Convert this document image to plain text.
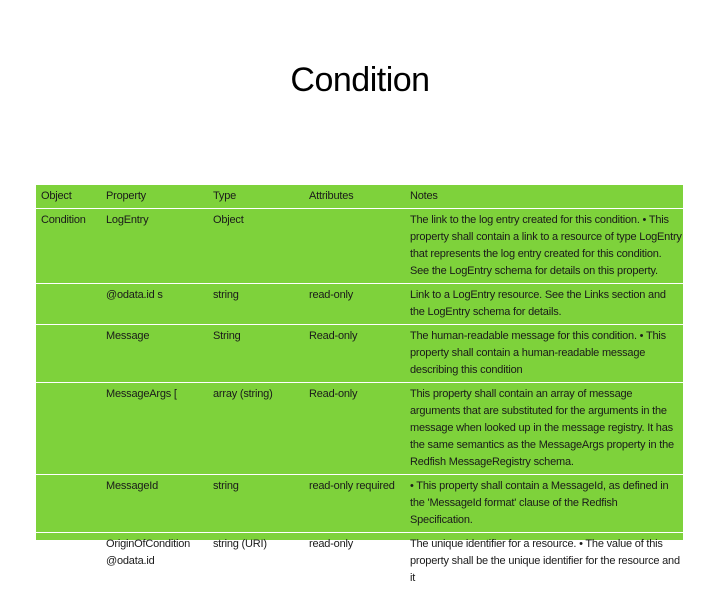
Condition
Object	Property	Type	Attributes	Notes
Condition	LogEntry	Object		The link to the log entry created for this condition. • This property shall contain a link to a resource of type LogEntry that represents the log entry created for this condition. See the LogEntry schema for details on this property.
	@odata.id s	string	read-only	Link to a LogEntry resource. See the Links section and the LogEntry schema for details.
	Message	String	Read-only	The human-readable message for this condition. • This property shall contain a human-readable message describing this condition
	MessageArgs [	array (string)	Read-only	This property shall contain an array of message arguments that are substituted for the arguments in the message when looked up in the message registry. It has the same semantics as the MessageArgs property in the Redfish MessageRegistry schema.
	MessageId	string	read-only required	• This property shall contain a MessageId, as defined in the 'MessageId format' clause of the Redfish Specification.
	OriginOfCondition @odata.id	string (URI)	read-only	The unique identifier for a resource. • The value of this property shall be the unique identifier for the resource and it
